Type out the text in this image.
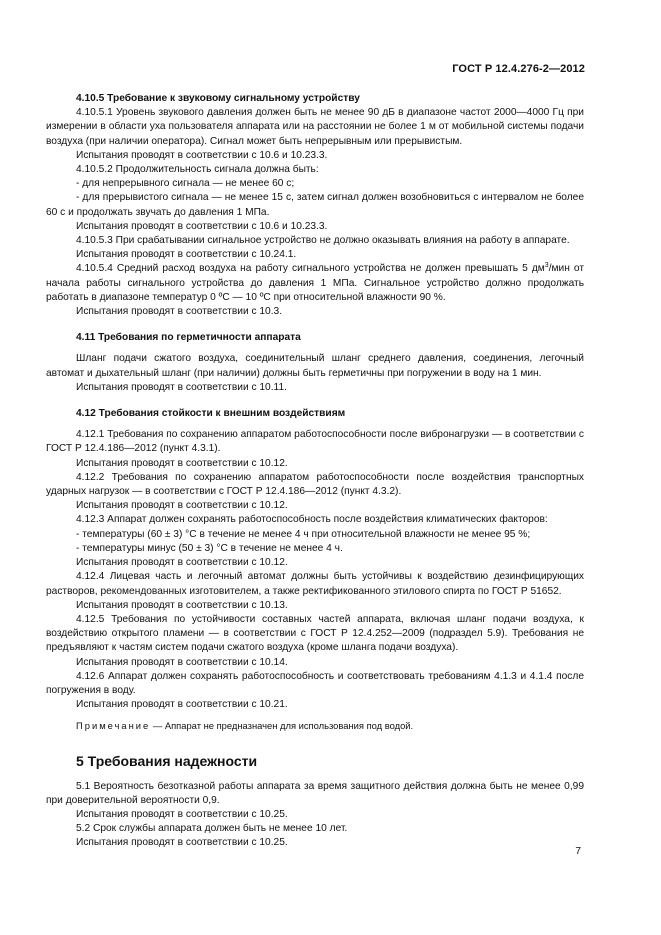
ГОСТ Р 12.4.276-2—2012

4.10.5 Требование к звуковому сигнальному устройству

4.10.5.1 Уровень звукового давления должен быть не менее 90 дБ в диапазоне частот 2000—4000 Гц при измерении в области уха пользователя аппарата или на расстоянии не более 1 м от мобильной системы подачи воздуха (при наличии оператора). Сигнал может быть непрерывным или прерывистым.

Испытания проводят в соответствии с 10.6 и 10.23.3.

4.10.5.2 Продолжительность сигнала должна быть:

- для непрерывного сигнала — не менее 60 с;

- для прерывистого сигнала — не менее 15 с, затем сигнал должен возобновиться с интервалом не более 60 с и продолжать звучать до давления 1 МПа.

Испытания проводят в соответствии с 10.6 и 10.23.3.

4.10.5.3 При срабатывании сигнальное устройство не должно оказывать влияния на работу в аппарате.

Испытания проводят в соответствии с 10.24.1.

4.10.5.4 Средний расход воздуха на работу сигнального устройства не должен превышать 5 $дм^3$/мин от начала работы сигнального устройства до давления 1 МПа. Сигнальное устройство должно продолжать работать в диапазоне температур 0 ºC — 10 ºC при относительной влажности 90 %.

Испытания проводят в соответствии с 10.3.

4.11 Требования по герметичности аппарата

Шланг подачи сжатого воздуха, соединительный шланг среднего давления, соединения, легочный автомат и дыхательный шланг (при наличии) должны быть герметичны при погружении в воду на 1 мин.

Испытания проводят в соответствии с 10.11.

4.12 Требования стойкости к внешним воздействиям

4.12.1 Требования по сохранению аппаратом работоспособности после вибронагрузки — в соответствии с ГОСТ Р 12.4.186—2012 (пункт 4.3.1).

Испытания проводят в соответствии с 10.12.

4.12.2 Требования по сохранению аппаратом работоспособности после воздействия транспортных ударных нагрузок — в соответствии с ГОСТ Р 12.4.186—2012 (пункт 4.3.2).

Испытания проводят в соответствии с 10.12.

4.12.3 Аппарат должен сохранять работоспособность после воздействия климатических факторов:

- температуры (60 ± 3) °С в течение не менее 4 ч при относительной влажности не менее 95 %;

- температуры минус (50 ± 3) °С в течение не менее 4 ч.

Испытания проводят в соответствии с 10.12.

4.12.4 Лицевая часть и легочный автомат должны быть устойчивы к воздействию дезинфицирующих растворов, рекомендованных изготовителем, а также ректификованного этилового спирта по ГОСТ Р 51652.

Испытания проводят в соответствии с 10.13.

4.12.5 Требования по устойчивости составных частей аппарата, включая шланг подачи воздуха, к воздействию открытого пламени — в соответствии с ГОСТ Р 12.4.252—2009 (подраздел 5.9). Требования не предъявляют к частям систем подачи сжатого воздуха (кроме шланга подачи воздуха).

Испытания проводят в соответствии с 10.14.

4.12.6 Аппарат должен сохранять работоспособность и соответствовать требованиям 4.1.3 и 4.1.4 после погружения в воду.

Испытания проводят в соответствии с 10.21.

Примечание — Аппарат не предназначен для использования под водой.

5 Требования надежности

5.1 Вероятность безотказной работы аппарата за время защитного действия должна быть не менее 0,99 при доверительной вероятности 0,9.

Испытания проводят в соответствии с 10.25.

5.2 Срок службы аппарата должен быть не менее 10 лет.

Испытания проводят в соответствии с 10.25.

7
